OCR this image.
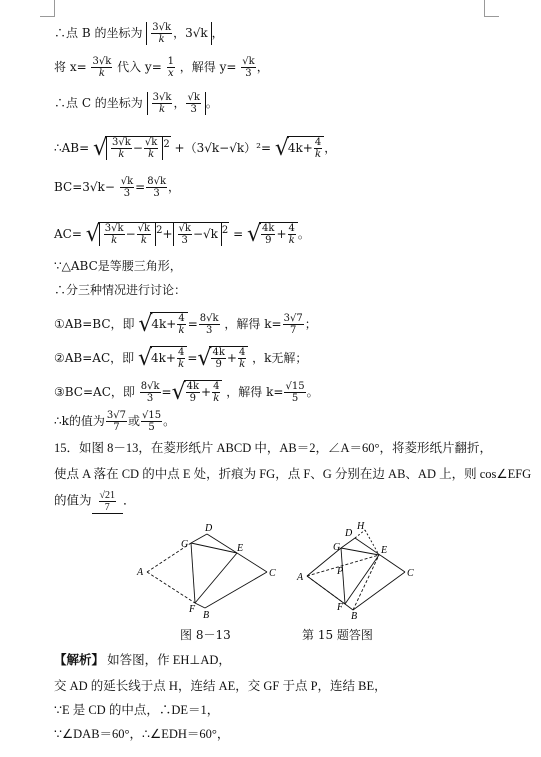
∴点 B 的坐标为 $\frac{3√k}{k}$ ，3√k ，
将 $x= \frac{3√k}{k}$ 代入 $y= \frac{1}{x}$ ，解得 $y= \frac{√k}{3}$ ，
∴点 C 的坐标为 $\frac{3√k}{k}$ ， $\frac{√k}{3}$ 。
∴AB= √ $\frac{3√k}{k} - \frac{√k}{k} ^2 +(3√k-√k)^2= √4k+ \frac{4}{k}$ ，
$BC=3√k- \frac{√k}{3} = \frac{8√k}{3}$ ，
AC= √ $\frac{3√k}{k} - \frac{√k}{k} ^2+ \frac{√k}{3} -√k$ $^2$ = √ $\frac{4k}{9} + \frac{4}{k}$ 。
∵△ABC是等腰三角形，
∴分三种情况进行讨论：
①AB=BC，即 $√4k+ \frac{4}{k} = \frac{8√k}{3}$ ，解得 $k= \frac{3√7}{7}$ ；
②AB=AC，即 $√4k+ \frac{4}{k}$ =√ $\frac{4k}{9} + \frac{4}{k}$ ，k无解；
③BC=AC，即 $\frac{8√k}{3}$ =√ $\frac{4k}{9} + \frac{4}{k}$ ，解得 $k= \frac{√15}{5}$ 。
∴k的值为 $\frac{3√7}{7}$ 或 $\frac{√15}{5}$ 。
15．如图 8－13，在菱形纸片 ABCD 中，AB＝2，∠A＝60°，将菱形纸片翻折，
使点 A 落在 CD 的中点 E 处，折痕为 FG，点 F、G 分别在边 AB、AD 上，则 cos∠EFG
的值为 $\frac{√21}{7}$ ．
A
B
C
D
E
F
G
图 8－13
A
B
C
D
E
F
G
H
P
第 15 题答图
【解析】 如答图，作 EH⊥AD，
交 AD 的延长线于点 H，连结 AE，交 GF 于点 P，连结 BE，
∵E 是 CD 的中点，∴DE＝1，
∵∠DAB＝60°，∴∠EDH＝60°，
